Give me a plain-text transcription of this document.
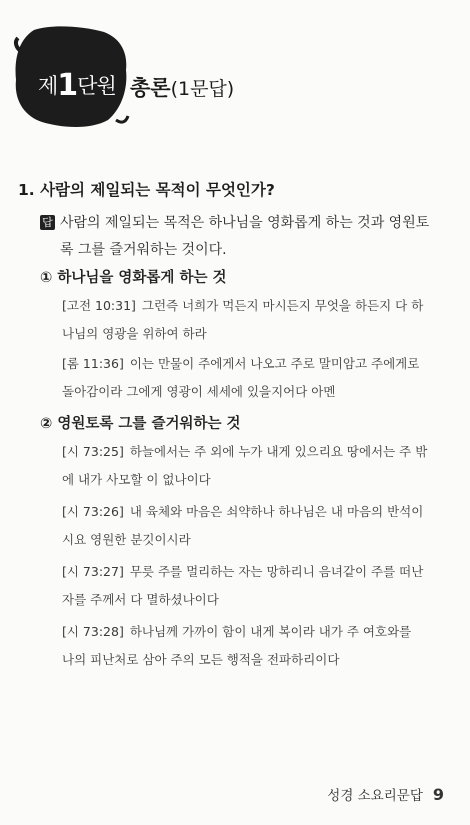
제1단원 총론(1문답)
1. 사람의 제일되는 목적이 무엇인가?
답 사람의 제일되는 목적은 하나님을 영화롭게 하는 것과 영원토
록 그를 즐거워하는 것이다.
① 하나님을 영화롭게 하는 것
[고전 10:31] 그런즉 너희가 먹든지 마시든지 무엇을 하든지 다 하
나님의 영광을 위하여 하라
[롬 11:36] 이는 만물이 주에게서 나오고 주로 말미암고 주에게로
돌아감이라 그에게 영광이 세세에 있을지어다 아멘
② 영원토록 그를 즐거워하는 것
[시 73:25] 하늘에서는 주 외에 누가 내게 있으리요 땅에서는 주 밖
에 내가 사모할 이 없나이다
[시 73:26] 내 육체와 마음은 쇠약하나 하나님은 내 마음의 반석이
시요 영원한 분깃이시라
[시 73:27] 무릇 주를 멀리하는 자는 망하리니 음녀같이 주를 떠난
자를 주께서 다 멸하셨나이다
[시 73:28] 하나님께 가까이 함이 내게 복이라 내가 주 여호와를
나의 피난처로 삼아 주의 모든 행적을 전파하리이다
성경 소요리문답 9
